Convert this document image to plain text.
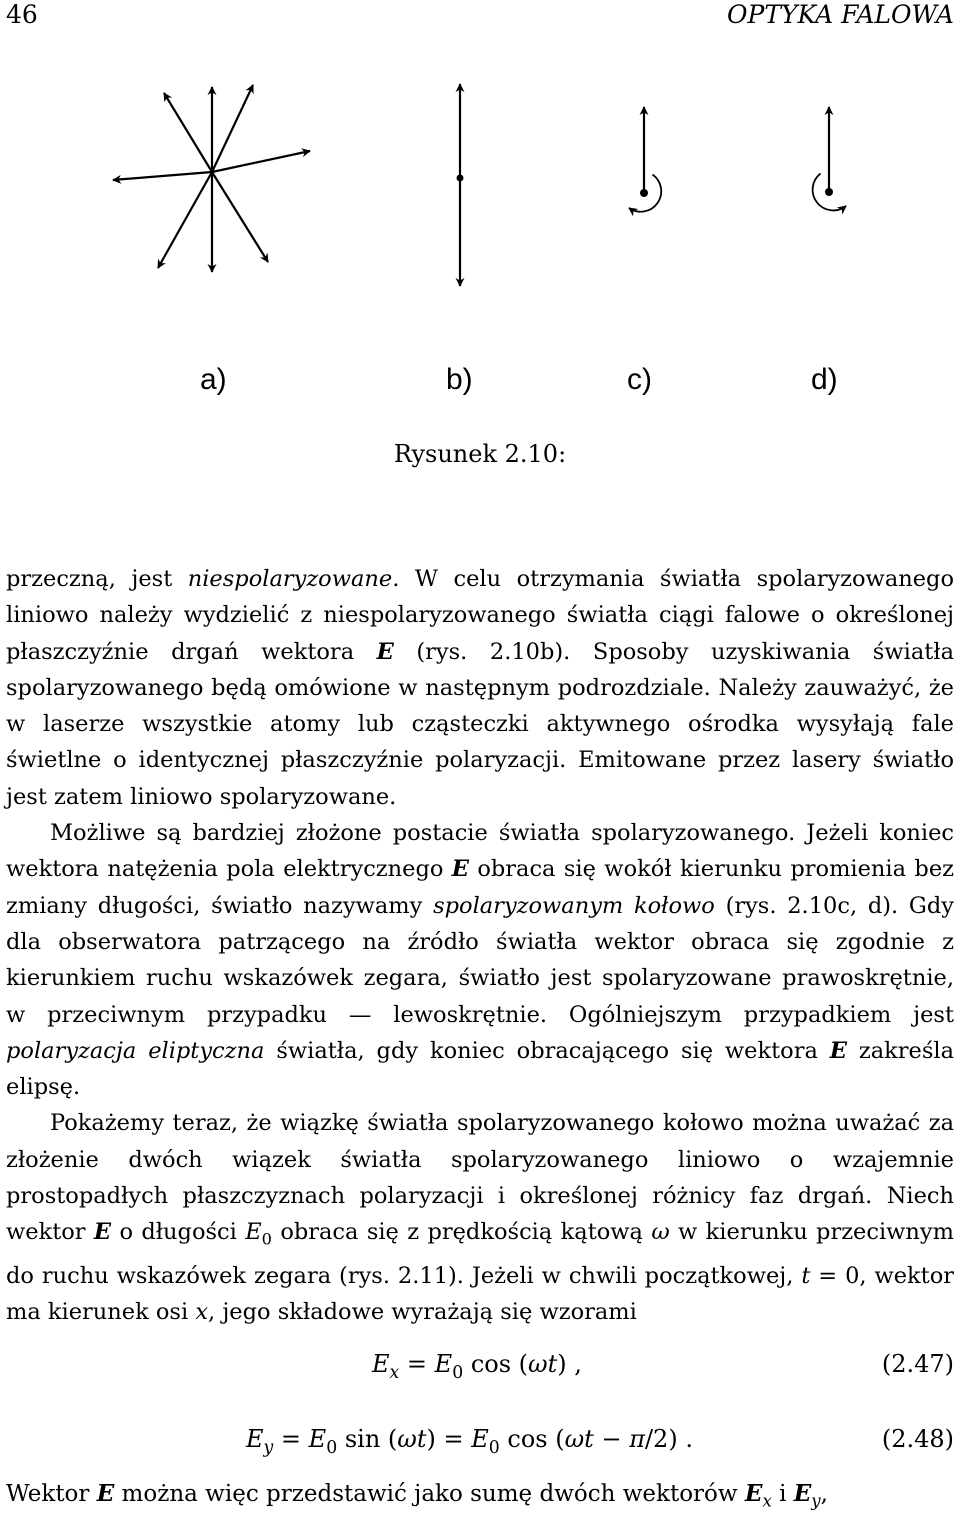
46	OPTYKA FALOWA
a)	b)	c)	d)
Rysunek 2.10:

przeczną, jest niespolaryzowane. W celu otrzymania światła spolaryzowanego liniowo należy wydzielić z niespolaryzowanego światła ciągi falowe o określonej płaszczyźnie drgań wektora E (rys. 2.10b). Sposoby uzyskiwania światła spolaryzowanego będą omówione w następnym podrozdziale. Należy zauważyć, że w laserze wszystkie atomy lub cząsteczki aktywnego ośrodka wysyłają fale świetlne o identycznej płaszczyźnie polaryzacji. Emitowane przez lasery światło jest zatem liniowo spolaryzowane.

Możliwe są bardziej złożone postacie światła spolaryzowanego. Jeżeli koniec wektora natężenia pola elektrycznego E obraca się wokół kierunku promienia bez zmiany długości, światło nazywamy spolaryzowanym kołowo (rys. 2.10c, d). Gdy dla obserwatora patrzącego na źródło światła wektor obraca się zgodnie z kierunkiem ruchu wskazówek zegara, światło jest spolaryzowane prawoskrętnie, w przeciwnym przypadku — lewoskrętnie. Ogólniejszym przypadkiem jest polaryzacja eliptyczna światła, gdy koniec obracającego się wektora E zakreśla elipsę.

Pokażemy teraz, że wiązkę światła spolaryzowanego kołowo można uważać za złożenie dwóch wiązek światła spolaryzowanego liniowo o wzajemnie prostopadłych płaszczyznach polaryzacji i określonej różnicy faz drgań. Niech wektor E o długości $E_0$ obraca się z prędkością kątową ω w kierunku przeciwnym do ruchu wskazówek zegara (rys. 2.11). Jeżeli w chwili początkowej, t = 0, wektor ma kierunek osi x, jego składowe wyrażają się wzorami

$E_x = E_0$ cos (ωt) ,	(2.47)
$E_y = E_0$ $\sin (\omega t) = E_0$ cos (ωt − π/2) .	(2.48)
Wektor E można więc przedstawić jako sumę dwóch wektorów $E_x$ i $E_y$,
